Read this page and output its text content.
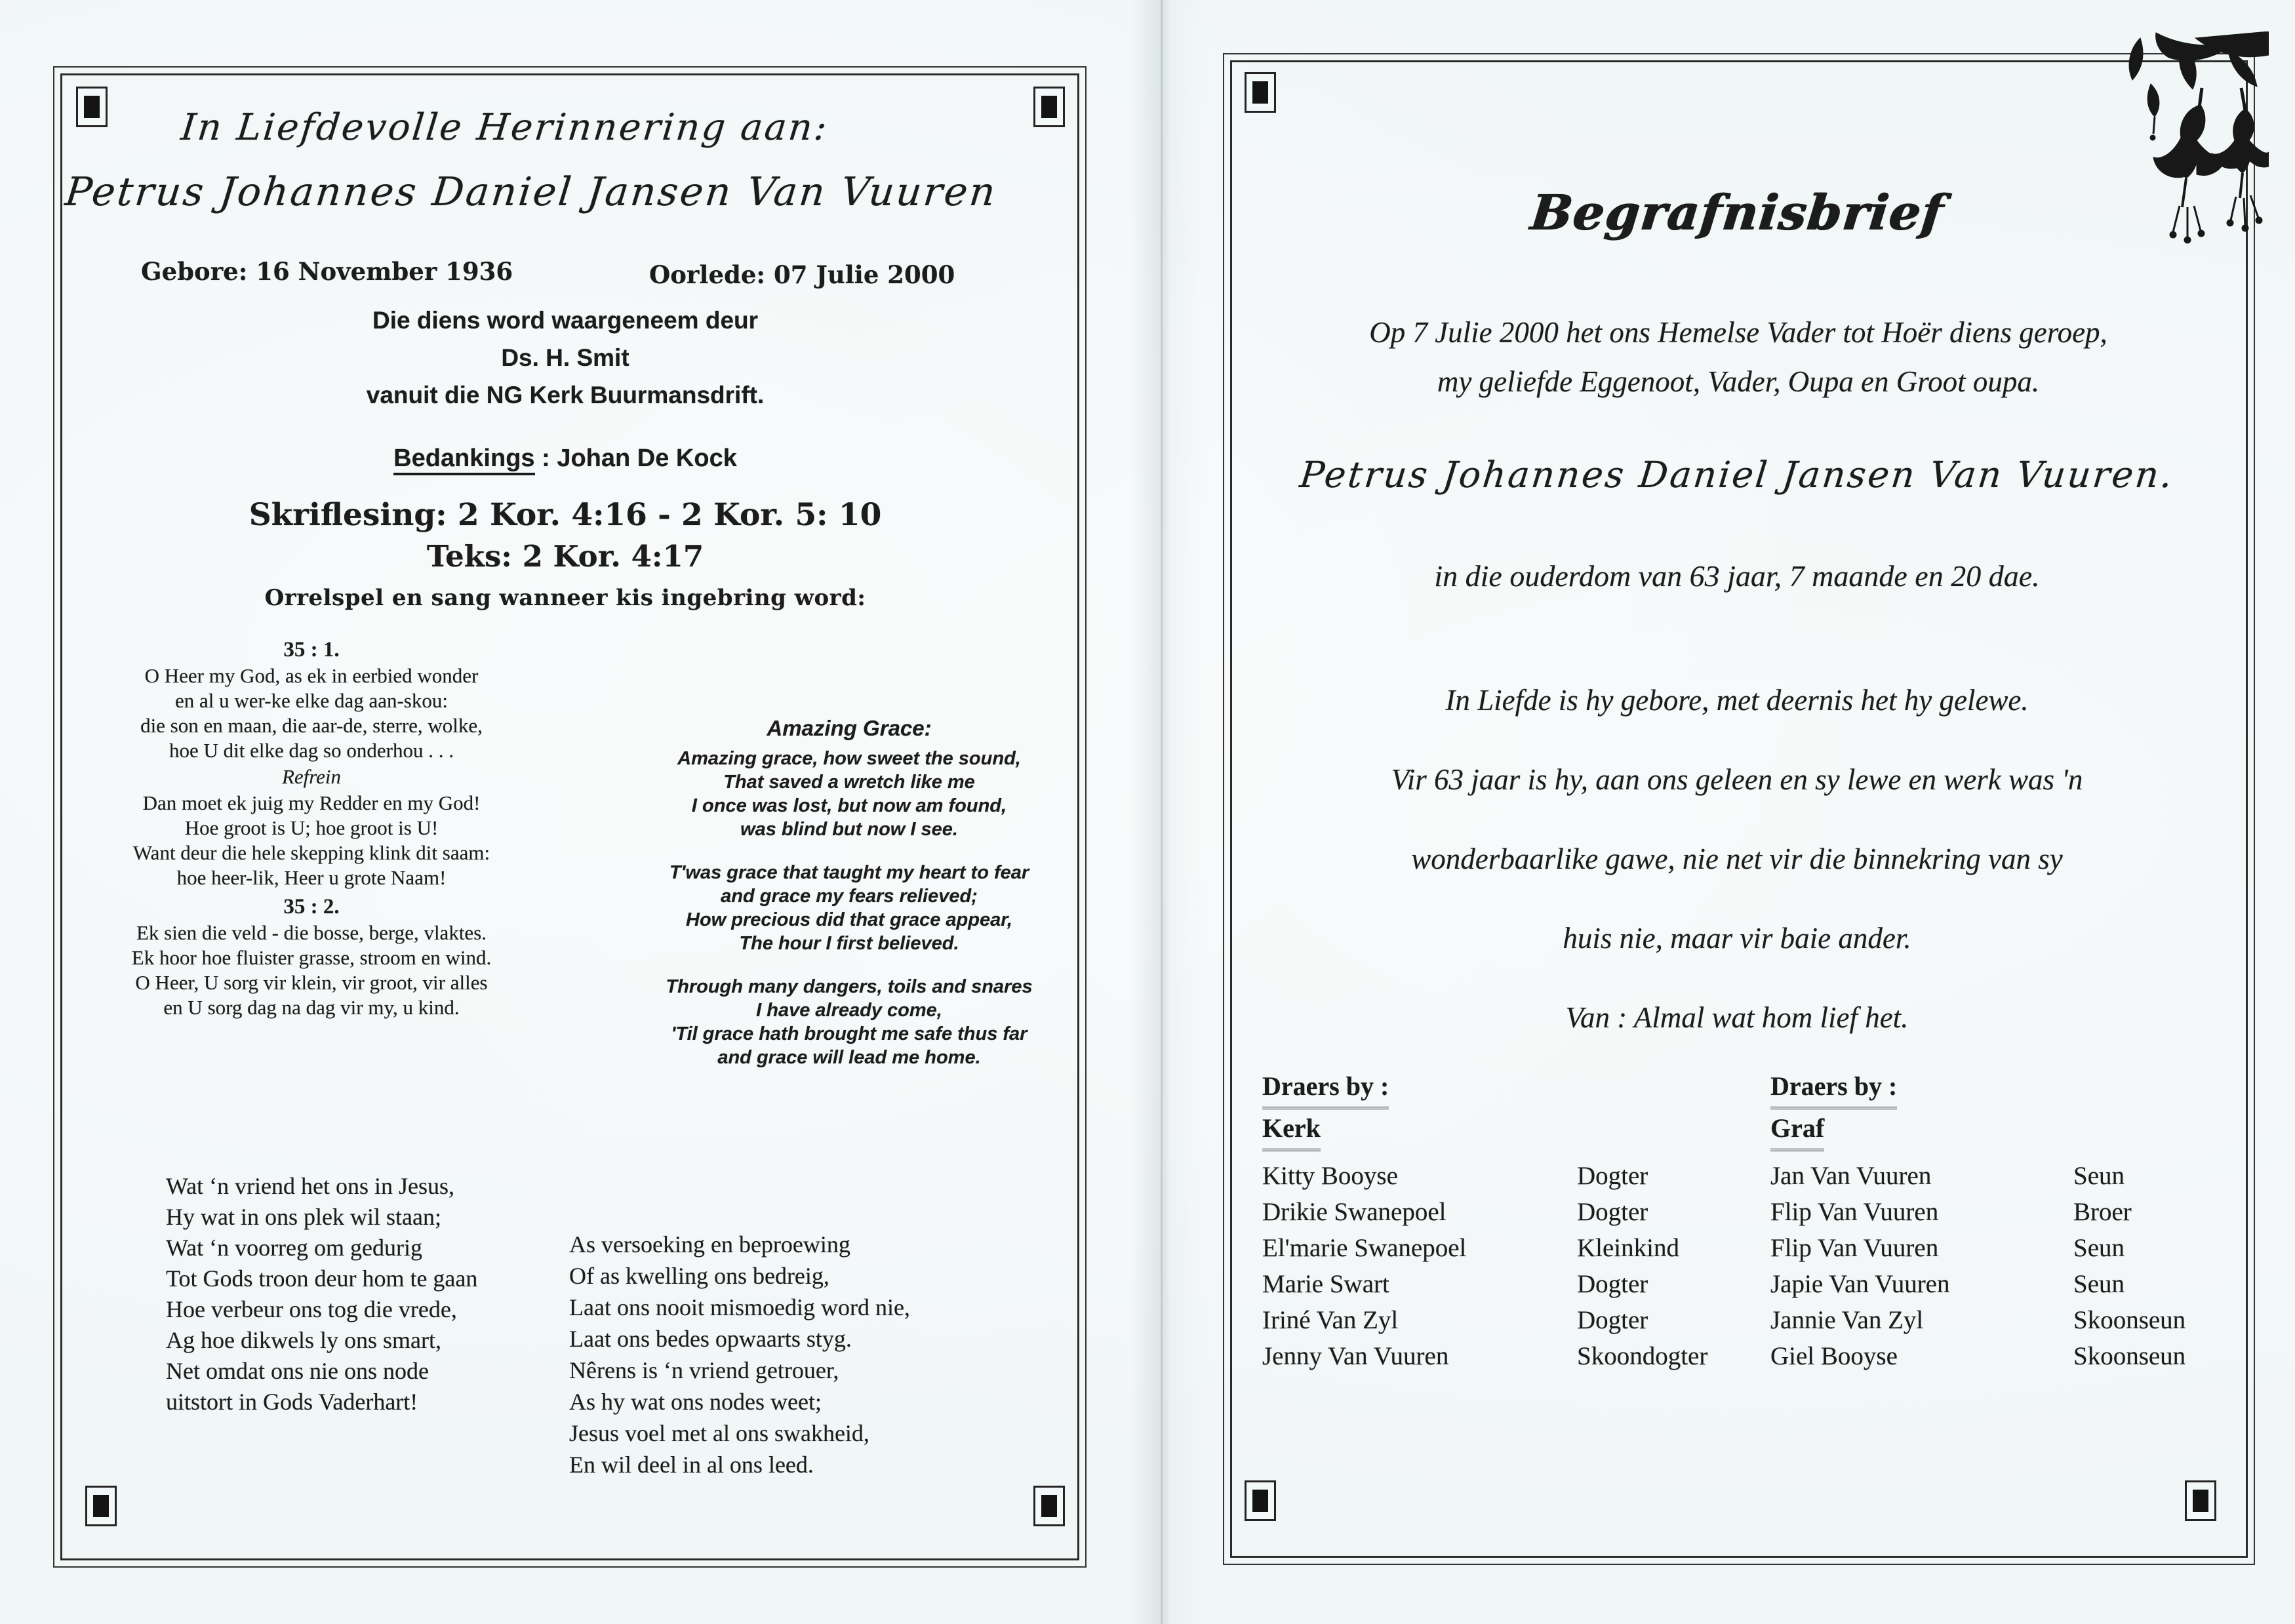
In Liefdevolle Herinnering aan:
Petrus Johannes Daniel Jansen Van Vuuren
Gebore: 16 November 1936	Oorlede: 07 Julie 2000
Die diens word waargeneem deur
Ds. H. Smit
vanuit die NG Kerk Buurmansdrift.
Bedankings : Johan De Kock
Skriflesing: 2 Kor. 4:16 - 2 Kor. 5: 10
Teks: 2 Kor. 4:17
Orrelspel en sang wanneer kis ingebring word:
35 : 1.
O Heer my God, as ek in eerbied wonder
en al u wer-ke elke dag aan-skou:
die son en maan, die aar-de, sterre, wolke,
hoe U dit elke dag so onderhou . . .
Refrein
Dan moet ek juig my Redder en my God!
Hoe groot is U; hoe groot is U!
Want deur die hele skepping klink dit saam:
hoe heer-lik, Heer u grote Naam!
35 : 2.
Ek sien die veld - die bosse, berge, vlaktes.
Ek hoor hoe fluister grasse, stroom en wind.
O Heer, U sorg vir klein, vir groot, vir alles
en U sorg dag na dag vir my, u kind.
Amazing Grace:
Amazing grace, how sweet the sound,
That saved a wretch like me
I once was lost, but now am found,
was blind but now I see.
T'was grace that taught my heart to fear
and grace my fears relieved;
How precious did that grace appear,
The hour I first believed.
Through many dangers, toils and snares
I have already come,
'Til grace hath brought me safe thus far
and grace will lead me home.
Wat ‘n vriend het ons in Jesus,
Hy wat in ons plek wil staan;
Wat ‘n voorreg om gedurig
Tot Gods troon deur hom te gaan
Hoe verbeur ons tog die vrede,
Ag hoe dikwels ly ons smart,
Net omdat ons nie ons node
uitstort in Gods Vaderhart!
As versoeking en beproewing
Of as kwelling ons bedreig,
Laat ons nooit mismoedig word nie,
Laat ons bedes opwaarts styg.
Nêrens is ‘n vriend getrouer,
As hy wat ons nodes weet;
Jesus voel met al ons swakheid,
En wil deel in al ons leed.
Begrafnisbrief
Op 7 Julie 2000 het ons Hemelse Vader tot Hoër diens geroep,
my geliefde Eggenoot, Vader, Oupa en Groot oupa.
Petrus Johannes Daniel Jansen Van Vuuren.
in die ouderdom van 63 jaar, 7 maande en 20 dae.
In Liefde is hy gebore, met deernis het hy gelewe.
Vir 63 jaar is hy, aan ons geleen en sy lewe en werk was 'n
wonderbaarlike gawe, nie net vir die binnekring van sy
huis nie, maar vir baie ander.
Van : Almal wat hom lief het.
Draers by :
Kerk
Kitty Booyse	Dogter
Drikie Swanepoel	Dogter
El'marie Swanepoel	Kleinkind
Marie Swart	Dogter
Iriné Van Zyl	Dogter
Jenny Van Vuuren	Skoondogter
Draers by :
Graf
Jan Van Vuuren	Seun
Flip Van Vuuren	Broer
Flip Van Vuuren	Seun
Japie Van Vuuren	Seun
Jannie Van Zyl	Skoonseun
Giel Booyse	Skoonseun
